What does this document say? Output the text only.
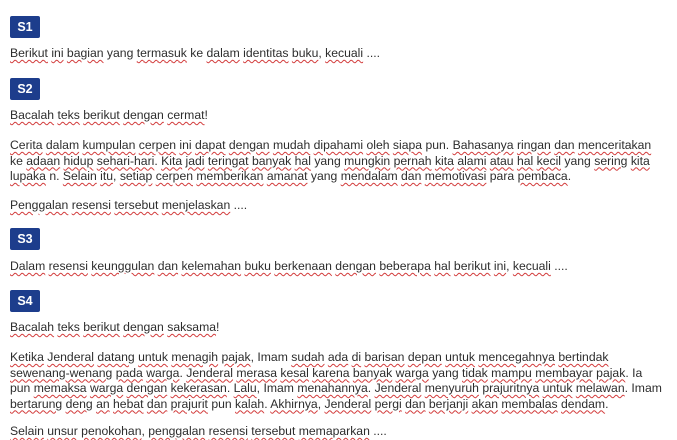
S1

Berikut ini bagian yang termasuk ke dalam identitas buku, kecuali ....

S2

Bacalah teks berikut dengan cermat!

Cerita dalam kumpulan cerpen ini dapat dengan mudah dipahami oleh siapa pun. Bahasanya ringan dan menceritakan ke adaan hidup sehari-hari. Kita jadi teringat banyak hal yang mungkin pernah kita alami atau hal kecil yang sering kita lupaka n. Selain itu, setiap cerpen memberikan amanat yang mendalam dan memotivasi para pembaca.

Penggalan resensi tersebut menjelaskan ....

S3

Dalam resensi keunggulan dan kelemahan buku berkenaan dengan beberapa hal berikut ini, kecuali ....

S4

Bacalah teks berikut dengan saksama!

Ketika Jenderal datang untuk menagih pajak, Imam sudah ada di barisan depan untuk mencegahnya bertindak sewenang-wenang pada warga. Jenderal merasa kesal karena banyak warga yang tidak mampu membayar pajak. Ia pun memaksa warga dengan kekerasan. Lalu, Imam menahannya. Jenderal menyuruh prajuritnya untuk melawan. Imam bertarung deng an hebat dan prajurit pun kalah. Akhirnya, Jenderal pergi dan berjanji akan membalas dendam.

Selain unsur penokohan, penggalan resensi tersebut memaparkan ....
